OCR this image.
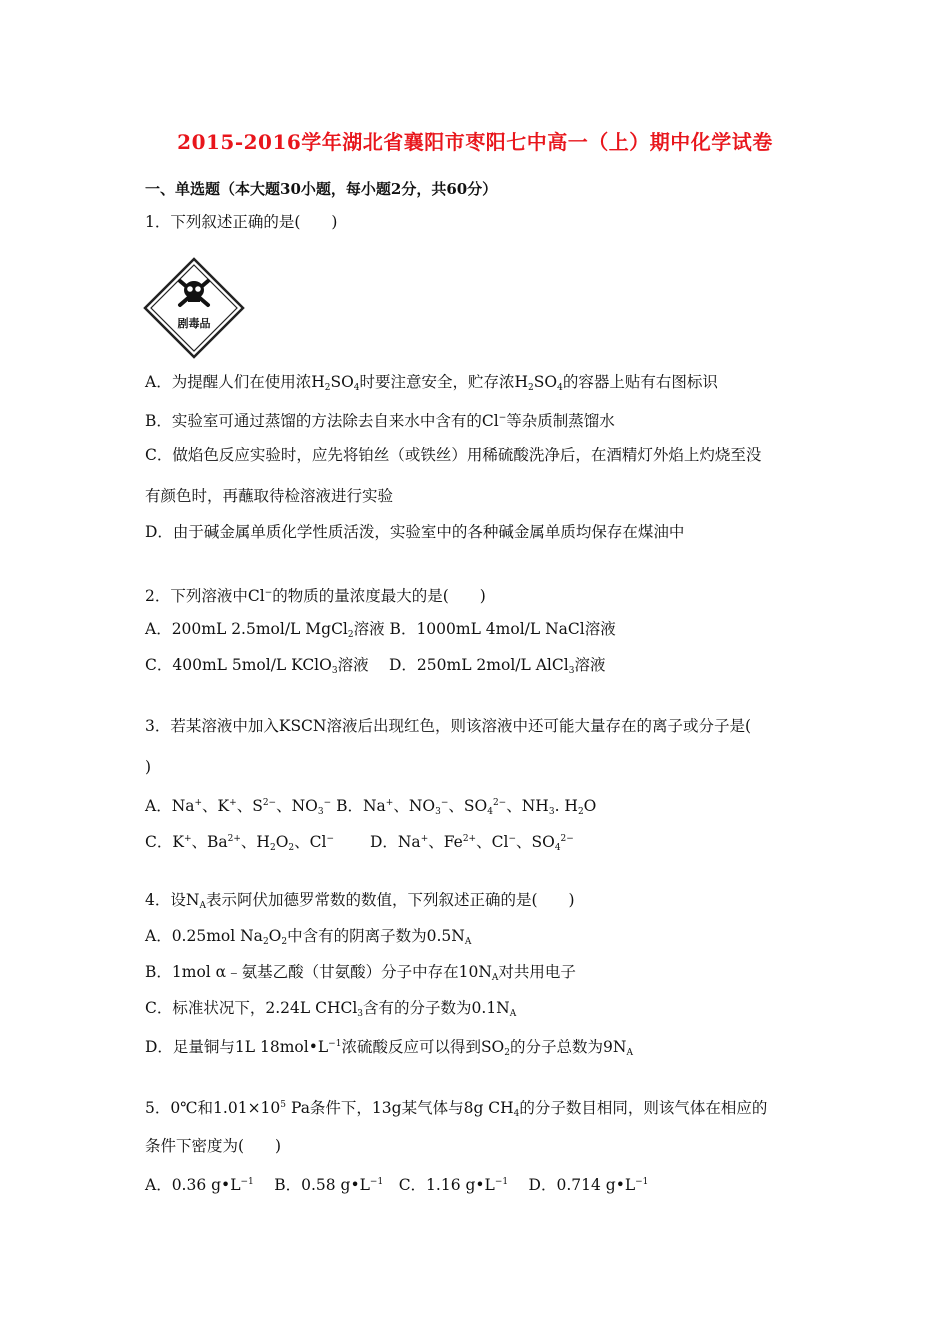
2015-2016学年湖北省襄阳市枣阳七中高一（上）期中化学试卷
一、单选题（本大题30小题，每小题2分，共60分）
1．下列叙述正确的是(　　)
剧毒品
A．为提醒人们在使用浓$H_2SO_4$时要注意安全，贮存浓$H_2SO_4$的容器上贴有右图标识
B．实验室可通过蒸馏的方法除去自来水中含有的Cl−等杂质制蒸馏水
C．做焰色反应实验时，应先将铂丝（或铁丝）用稀硫酸洗净后，在酒精灯外焰上灼烧至没
有颜色时，再蘸取待检溶液进行实验
D．由于碱金属单质化学性质活泼，实验室中的各种碱金属单质均保存在煤油中
2．下列溶液中Cl−的物质的量浓度最大的是(　　)
A．200mL 2.5mol/L MgCl$_2$溶液 B．1000mL 4mol/L NaCl溶液
C．400mL 5mol/L KClO$_3$溶液　 D．250mL 2mol/L AlCl$_3$溶液
3．若某溶液中加入KSCN溶液后出现红色，则该溶液中还可能大量存在的离子或分子是(
)
A．Na+、K+、$S^{2-}$、$NO_3^-$ B．Na+、$NO_3^-$、$SO_4^{2-}$、$NH_3$. $H_2O$
C．K+、$Ba^{2+}$、$H_2O_2$、Cl−　　 D．Na+、$Fe^{2+}$、Cl−、$SO_4^{2-}$
4．设$N_A$表示阿伏加德罗常数的数值，下列叙述正确的是(　　)
A．0.25mol $Na_2O_2$中含有的阴离子数为$0.5N_A$
B．1mol α﹣氨基乙酸（甘氨酸）分子中存在$10N_A$对共用电子
C．标准状况下，2.24L CHCl$_3$含有的分子数为$0.1N_A$
D．足量铜与1L $18mol•L^{-1}$浓硫酸反应可以得到$SO_2$的分子总数为$9N_A$
5．0℃和$1.01\times 10^5$ Pa条件下，13g某气体与8g $CH_4$的分子数目相同，则该气体在相应的
条件下密度为(　　)
A．0.36 $g•L^{-1}$　 B．0.58 $g•L^{-1}$　C．1.16 $g•L^{-1}$　 D．0.714 $g•L^{-1}$
